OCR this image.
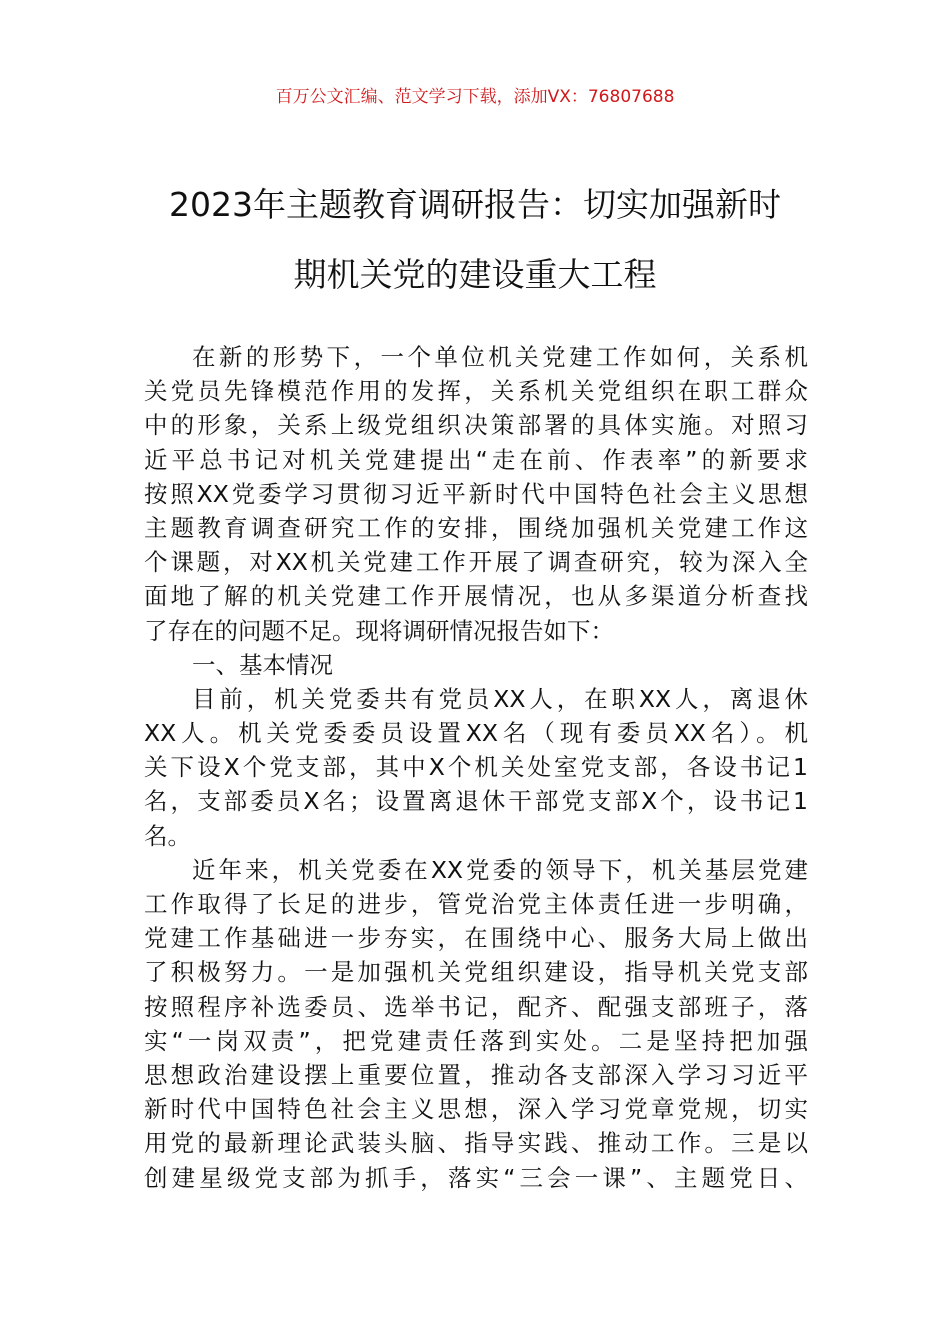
百万公文汇编、范文学习下载，添加VX：76807688
2023年主题教育调研报告：切实加强新时
期机关党的建设重大工程
在新的形势下，一个单位机关党建工作如何，关系机
关党员先锋模范作用的发挥，关系机关党组织在职工群众
中的形象，关系上级党组织决策部署的具体实施。对照习
近平总书记对机关党建提出“走在前、作表率”的新要求
按照XX党委学习贯彻习近平新时代中国特色社会主义思想
主题教育调查研究工作的安排，围绕加强机关党建工作这
个课题，对XX机关党建工作开展了调查研究，较为深入全
面地了解的机关党建工作开展情况，也从多渠道分析查找
了存在的问题不足。现将调研情况报告如下：
一、基本情况
目前，机关党委共有党员XX人，在职XX人，离退休
XX人。机关党委委员设置XX名（现有委员XX名）。机
关下设X个党支部，其中X个机关处室党支部，各设书记1
名，支部委员X名；设置离退休干部党支部X个，设书记1
名。
近年来，机关党委在XX党委的领导下，机关基层党建
工作取得了长足的进步，管党治党主体责任进一步明确，
党建工作基础进一步夯实，在围绕中心、服务大局上做出
了积极努力。一是加强机关党组织建设，指导机关党支部
按照程序补选委员、选举书记，配齐、配强支部班子，落
实“一岗双责”，把党建责任落到实处。二是坚持把加强
思想政治建设摆上重要位置，推动各支部深入学习习近平
新时代中国特色社会主义思想，深入学习党章党规，切实
用党的最新理论武装头脑、指导实践、推动工作。三是以
创建星级党支部为抓手，落实“三会一课”、主题党日、
